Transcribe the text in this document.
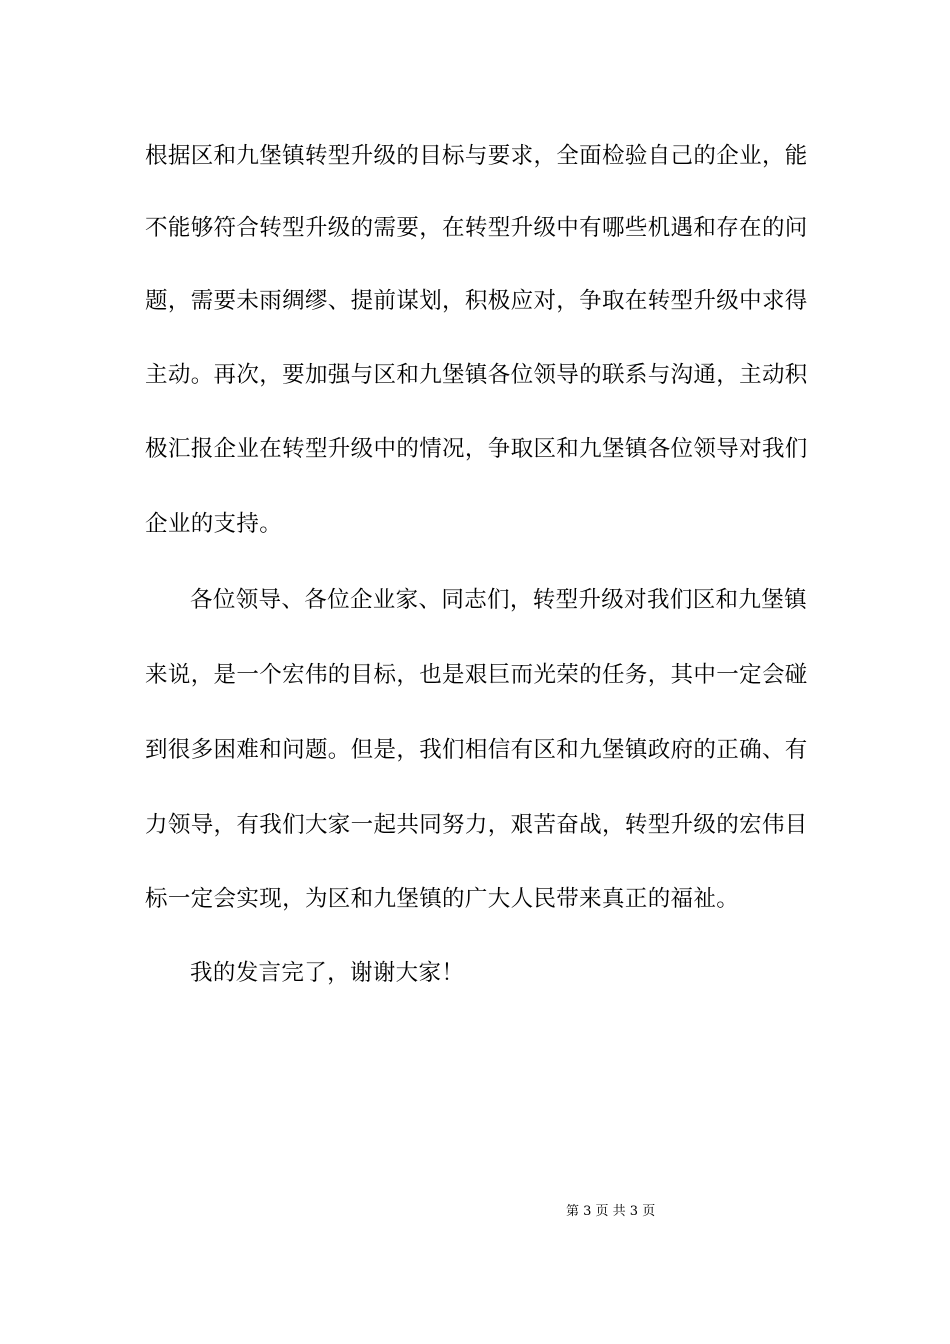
根据区和九堡镇转型升级的目标与要求，全面检验自己的企业，能
不能够符合转型升级的需要，在转型升级中有哪些机遇和存在的问
题，需要未雨绸缪、提前谋划，积极应对，争取在转型升级中求得
主动。再次，要加强与区和九堡镇各位领导的联系与沟通，主动积
极汇报企业在转型升级中的情况，争取区和九堡镇各位领导对我们
企业的支持。
各位领导、各位企业家、同志们，转型升级对我们区和九堡镇
来说，是一个宏伟的目标，也是艰巨而光荣的任务，其中一定会碰
到很多困难和问题。但是，我们相信有区和九堡镇政府的正确、有
力领导，有我们大家一起共同努力，艰苦奋战，转型升级的宏伟目
标一定会实现，为区和九堡镇的广大人民带来真正的福祉。
我的发言完了，谢谢大家！
第 3 页 共 3 页
